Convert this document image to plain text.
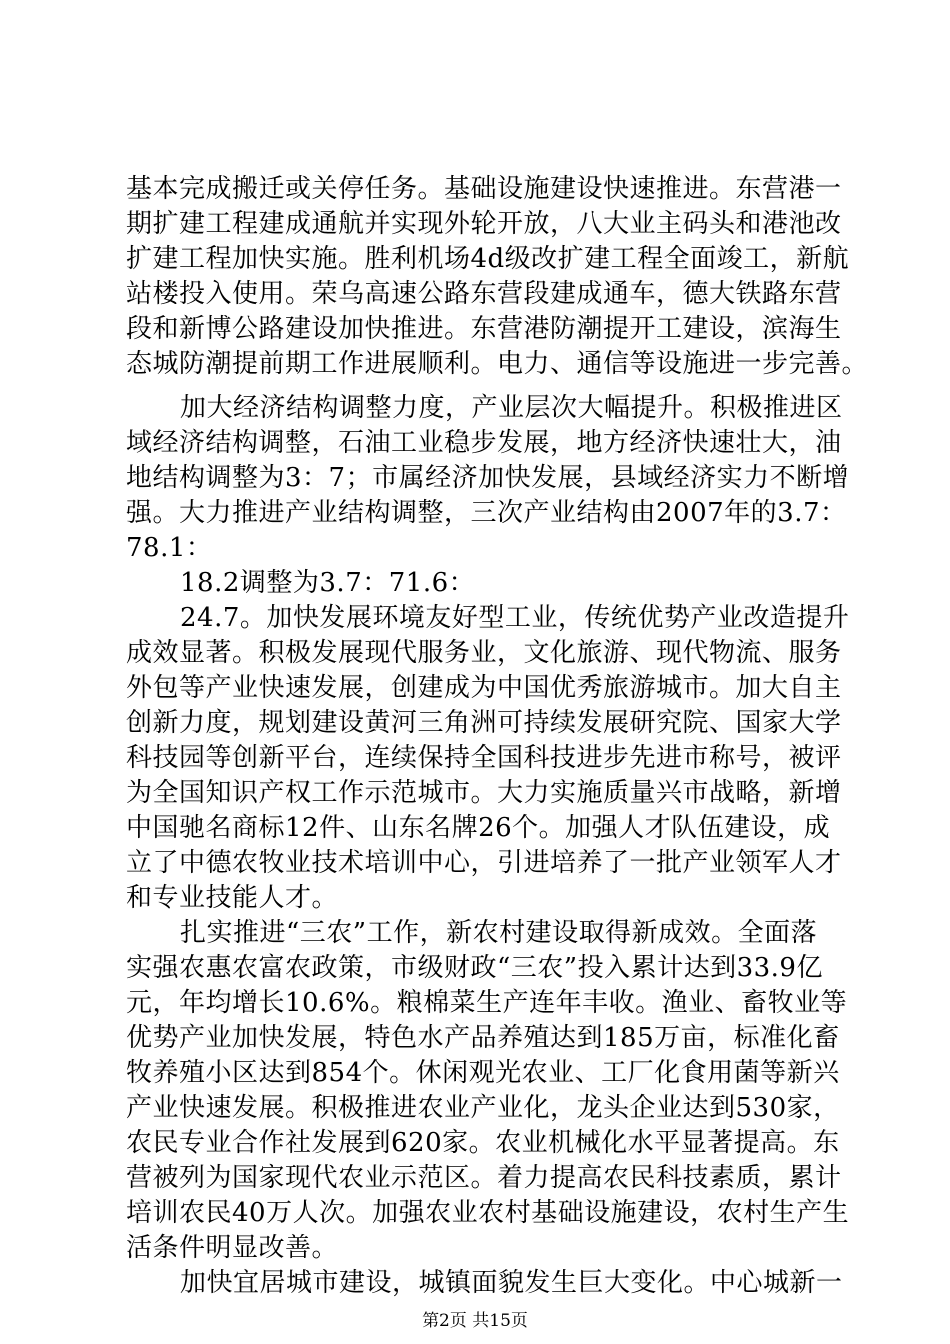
基本完成搬迁或关停任务。基础设施建设快速推进。东营港一
期扩建工程建成通航并实现外轮开放，八大业主码头和港池改
扩建工程加快实施。胜利机场4d级改扩建工程全面竣工，新航
站楼投入使用。荣乌高速公路东营段建成通车，德大铁路东营
段和新博公路建设加快推进。东营港防潮提开工建设，滨海生
态城防潮提前期工作进展顺利。电力、通信等设施进一步完善。
加大经济结构调整力度，产业层次大幅提升。积极推进区
域经济结构调整，石油工业稳步发展，地方经济快速壮大，油
地结构调整为3：7；市属经济加快发展，县域经济实力不断增
强。大力推进产业结构调整，三次产业结构由2007年的3.7：
78.1：
18.2调整为3.7：71.6：
24.7。加快发展环境友好型工业，传统优势产业改造提升
成效显著。积极发展现代服务业，文化旅游、现代物流、服务
外包等产业快速发展，创建成为中国优秀旅游城市。加大自主
创新力度，规划建设黄河三角洲可持续发展研究院、国家大学
科技园等创新平台，连续保持全国科技进步先进市称号，被评
为全国知识产权工作示范城市。大力实施质量兴市战略，新增
中国驰名商标12件、山东名牌26个。加强人才队伍建设，成
立了中德农牧业技术培训中心，引进培养了一批产业领军人才
和专业技能人才。
扎实推进“三农”工作，新农村建设取得新成效。全面落
实强农惠农富农政策，市级财政“三农”投入累计达到33.9亿
元，年均增长10.6%。粮棉菜生产连年丰收。渔业、畜牧业等
优势产业加快发展，特色水产品养殖达到185万亩，标准化畜
牧养殖小区达到854个。休闲观光农业、工厂化食用菌等新兴
产业快速发展。积极推进农业产业化，龙头企业达到530家，
农民专业合作社发展到620家。农业机械化水平显著提高。东
营被列为国家现代农业示范区。着力提高农民科技素质，累计
培训农民40万人次。加强农业农村基础设施建设，农村生产生
活条件明显改善。
加快宜居城市建设，城镇面貌发生巨大变化。中心城新一
第2页 共15页
